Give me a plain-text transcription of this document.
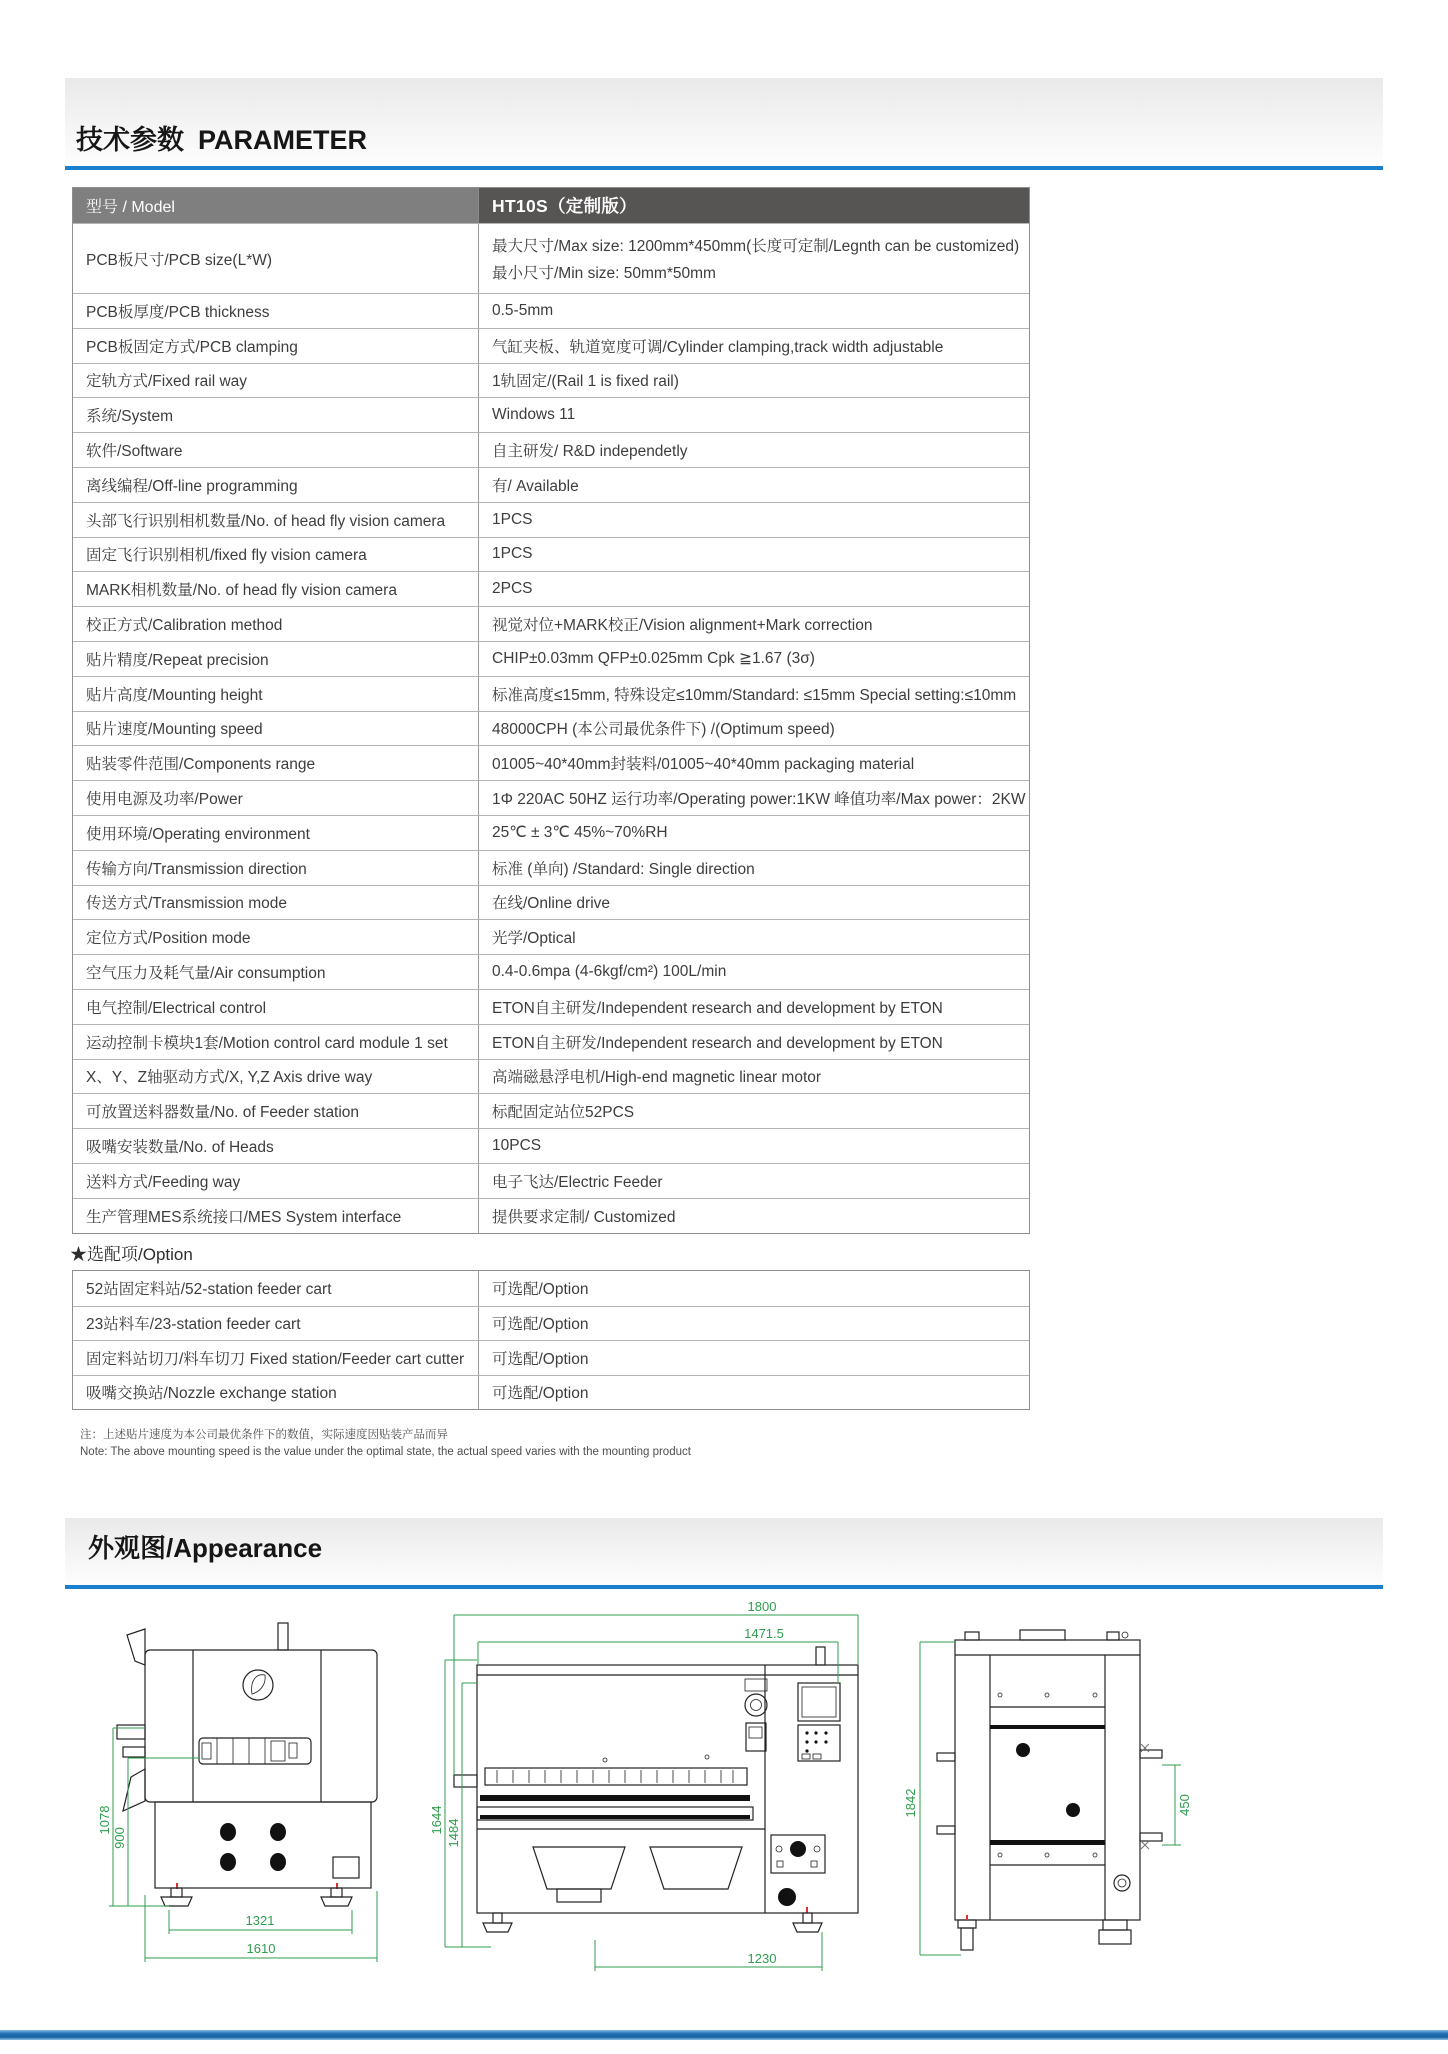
技术参数 PARAMETER
型号 / Model	HT10S（定制版）
PCB板尺寸/PCB size(L*W)
最大尺寸/Max size: 1200mm*450mm(长度可定制/Legnth can be customized)
最小尺寸/Min size: 50mm*50mm
PCB板厚度/PCB thickness	0.5-5mm
PCB板固定方式/PCB clamping	气缸夹板、轨道宽度可调/Cylinder clamping,track width adjustable
定轨方式/Fixed rail way	1轨固定/(Rail 1 is fixed rail)
系统/System	Windows 11
软件/Software	自主研发/ R&D independetly
离线编程/Off-line programming	有/ Available
头部飞行识别相机数量/No. of head fly vision camera	1PCS
固定飞行识别相机/fixed fly vision camera	1PCS
MARK相机数量/No. of head fly vision camera	2PCS
校正方式/Calibration method	视觉对位+MARK校正/Vision alignment+Mark correction
贴片精度/Repeat precision	CHIP±0.03mm QFP±0.025mm Cpk ≧1.67 (3σ)
贴片高度/Mounting height	标准高度≤15mm, 特殊设定≤10mm/Standard: ≤15mm Special setting:≤10mm
贴片速度/Mounting speed	48000CPH (本公司最优条件下) /(Optimum speed)
贴装零件范围/Components range	01005~40*40mm封装料/01005~40*40mm packaging material
使用电源及功率/Power	1Φ 220AC 50HZ 运行功率/Operating power:1KW 峰值功率/Max power：2KW
使用环境/Operating environment	25℃ ± 3℃ 45%~70%RH
传输方向/Transmission direction	标准 (单向) /Standard: Single direction
传送方式/Transmission mode	在线/Online drive
定位方式/Position mode	光学/Optical
空气压力及耗气量/Air consumption	0.4-0.6mpa (4-6kgf/cm²) 100L/min
电气控制/Electrical control	ETON自主研发/Independent research and development by ETON
运动控制卡模块1套/Motion control card module 1 set	ETON自主研发/Independent research and development by ETON
X、Y、Z轴驱动方式/X, Y,Z Axis drive way	高端磁悬浮电机/High-end magnetic linear motor
可放置送料器数量/No. of Feeder station	标配固定站位52PCS
吸嘴安装数量/No. of Heads	10PCS
送料方式/Feeding way	电子飞达/Electric Feeder
生产管理MES系统接口/MES System interface	提供要求定制/ Customized
★选配项/Option
52站固定料站/52-station feeder cart	可选配/Option
23站料车/23-station feeder cart	可选配/Option
固定料站切刀/料车切刀 Fixed station/Feeder cart cutter	可选配/Option
吸嘴交换站/Nozzle exchange station	可选配/Option
注：上述贴片速度为本公司最优条件下的数值，实际速度因贴装产品而异
Note: The above mounting speed is the value under the optimal state, the actual speed varies with the mounting product
外观图/Appearance
1078
900
1321
1610
1800
1471.5
1644 1484
1230
1842	450
